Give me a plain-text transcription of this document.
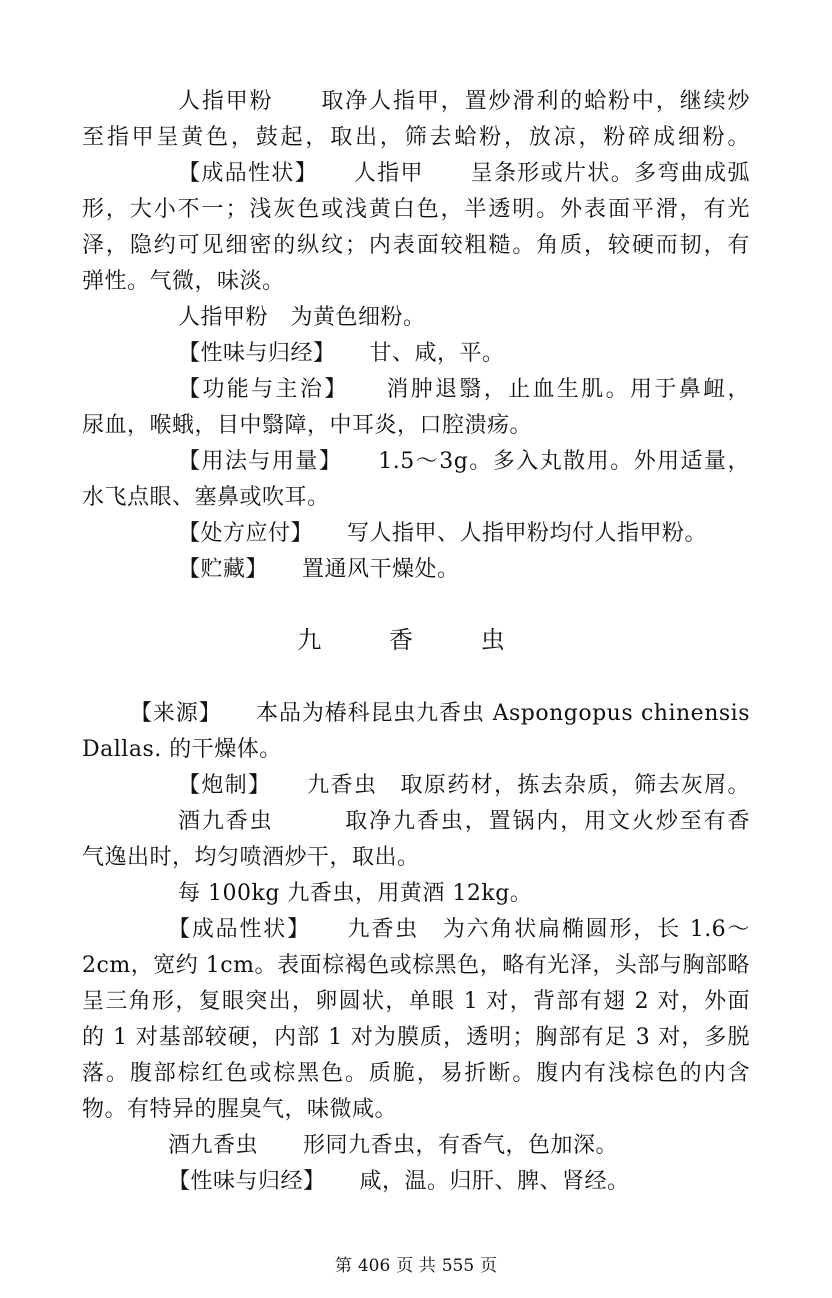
人指甲粉　　取净人指甲，置炒滑利的蛤粉中，继续炒
至指甲呈黄色，鼓起，取出，筛去蛤粉，放凉，粉碎成细粉。
【成品性状】　　人指甲　　呈条形或片状。多弯曲成弧
形，大小不一；浅灰色或浅黄白色，半透明。外表面平滑，有光
泽，隐约可见细密的纵纹；内表面较粗糙。角质，较硬而韧，有
弹性。气微，味淡。
人指甲粉　为黄色细粉。
【性味与归经】　　甘、咸，平。
【功能与主治】　　消肿退翳，止血生肌。用于鼻衄，
尿血，喉蛾，目中翳障，中耳炎，口腔溃疡。
【用法与用量】　　1.5～3g。多入丸散用。外用适量，
水飞点眼、塞鼻或吹耳。
【处方应付】　　写人指甲、人指甲粉均付人指甲粉。
【贮藏】　　置通风干燥处。
九 香 虫
【来源】　　本品为椿科昆虫九香虫 Aspongopus chinensis
Dallas. 的干燥体。
【炮制】　　九香虫　取原药材，拣去杂质，筛去灰屑。
酒九香虫　　　取净九香虫，置锅内，用文火炒至有香
气逸出时，均匀喷酒炒干，取出。
每 100kg 九香虫，用黄酒 12kg。
【成品性状】　　九香虫　为六角状扁椭圆形，长 1.6～
2cm，宽约 1cm。表面棕褐色或棕黑色，略有光泽，头部与胸部略
呈三角形，复眼突出，卵圆状，单眼 1 对，背部有翅 2 对，外面
的 1 对基部较硬，内部 1 对为膜质，透明；胸部有足 3 对，多脱
落。腹部棕红色或棕黑色。质脆，易折断。腹内有浅棕色的内含
物。有特异的腥臭气，味微咸。
酒九香虫　　形同九香虫，有香气，色加深。
【性味与归经】　　咸，温。归肝、脾、肾经。
第 406 页 共 555 页
